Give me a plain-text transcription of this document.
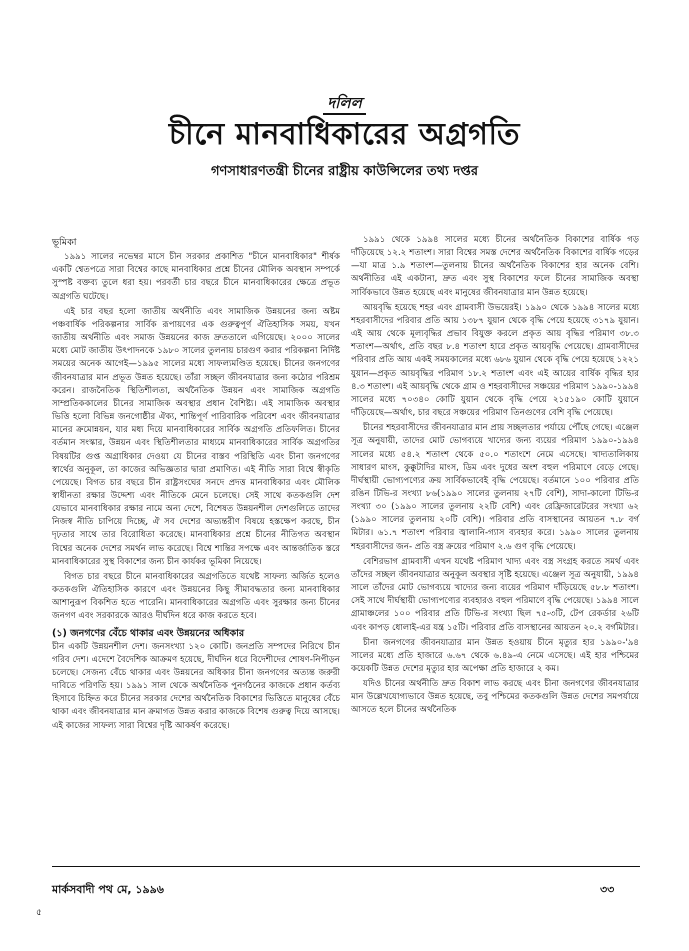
দলিল
চীনে মানবাধিকারের অগ্রগতি

গণসাধারণতন্ত্রী চীনের রাষ্ট্রীয় কাউন্সিলের তথ্য দপ্তর

ভূমিকা

১৯৯১ সালের নভেম্বর মাসে চীন সরকার প্রকাশিত "চীনে মানবাধিকার" শীর্ষক একটি শ্বেতপত্রে সারা বিশ্বের কাছে মানবাধিকার প্রশ্নে চীনের মৌলিক অবস্থান সম্পর্কে সুস্পষ্ট বক্তব্য তুলে ধরা হয়। পরবর্তী চার বছরে চীনে মানবাধিকারের ক্ষেত্রে প্রভূত অগ্রগতি ঘটেছে।

এই চার বছর হলো জাতীয় অর্থনীতি এবং সামাজিক উন্নয়নের জন্য অষ্টম পঞ্চবার্ষিক পরিকল্পনার সার্বিক রূপায়ণের এক গুরুত্বপূর্ণ ঐতিহাসিক সময়, যখন জাতীয় অর্থনীতি এবং সমাজ উন্নয়নের কাজ দ্রুততালে এগিয়েছে। ২০০০ সালের মধ্যে মোট জাতীয় উৎপাদনকে ১৯৮০ সালের তুলনায় চারগুণ করার পরিকল্পনা নির্দিষ্ট সময়ের অনেক আগেই—১৯৯৫ সালের মধ্যে সাফল্যমণ্ডিত হয়েছে। চীনের জনগণের জীবনযাত্রার মান প্রভূত উন্নত হয়েছে। তাঁরা সচ্ছল জীবনযাত্রার জন্য কঠোর পরিশ্রম করেন। রাজনৈতিক স্থিতিশীলতা, অর্থনৈতিক উন্নয়ন এবং সামাজিক অগ্রগতি সাম্প্রতিককালের চীনের সামাজিক অবস্থার প্রধান বৈশিষ্ট্য। এই সামাজিক অবস্থার ভিত্তি হলো বিভিন্ন জনগোষ্ঠীর ঐক্য, শান্তিপূর্ণ পারিবারিক পরিবেশ এবং জীবনযাত্রার মানের ক্রমোন্নয়ন, যার মধ্য দিয়ে মানবাধিকারের সার্বিক অগ্রগতি প্রতিফলিত। চীনের বর্তমান সংস্কার, উন্নয়ন এবং স্থিতিশীলতার মাধ্যমে মানবাধিকারের সার্বিক অগ্রগতির বিষয়টির গুপ্ত অগ্রাধিকার দেওয়া যে চীনের বাস্তব পরিস্থিতি এবং চীনা জনগণের স্বার্থের অনুকূল, তা কাজের অভিজ্ঞতার দ্বারা প্রমাণিত। এই নীতি সারা বিশ্বে স্বীকৃতি পেয়েছে। বিগত চার বছরে চীন রাষ্ট্রসংঘের সনদে প্রদত্ত মানবাধিকার এবং মৌলিক স্বাধীনতা রক্ষার উদ্দেশ্য এবং নীতিকে মেনে চলেছে। সেই সাথে কতকগুলি দেশ যেভাবে মানবাধিকার রক্ষার নামে অন্য দেশে, বিশেষত উন্নয়নশীল দেশগুলিতে তাদের নিজস্ব নীতি চাপিয়ে দিচ্ছে, ঐ সব দেশের অভ্যন্তরীণ বিষয়ে হস্তক্ষেপ করছে, চীন দৃঢ়তার সাথে তার বিরোধিতা করেছে। মানবাধিকার প্রশ্নে চীনের নীতিগত অবস্থান বিশ্বের অনেক দেশের সমর্থন লাভ করেছে। বিশ্বে শান্তির সপক্ষে এবং আন্তর্জাতিক স্তরে মানবাধিকারের সুস্থ বিকাশের জন্য চীন কার্যকর ভূমিকা নিয়েছে।

বিগত চার বছরে চীনে মানবাধিকারের অগ্রগতিতে যথেষ্ট সাফল্য অর্জিত হলেও কতকগুলি ঐতিহাসিক কারণে এবং উন্নয়নের কিছু সীমাবদ্ধতার জন্য মানবাধিকার আশানুরূপ বিকশিত হতে পারেনি। মানবাধিকারের অগ্রগতি এবং সুরক্ষার জন্য চীনের জনগণ এবং সরকারকে আরও দীর্ঘদিন ধরে কাজ করতে হবে।

(১) জনগণের বেঁচে থাকার এবং উন্নয়নের অধিকার

চীন একটি উন্নয়নশীল দেশ। জনসংখ্যা ১২০ কোটি। জনপ্রতি সম্পদের নিরিখে চীন গরিব দেশ। এদেশে বৈদেশিক আক্রমণ হয়েছে, দীর্ঘদিন ধরে বিদেশীদের শোষণ-নিপীড়ন চলেছে। সেজন্য বেঁচে থাকার এবং উন্নয়নের অধিকার চীনা জনগণের অত্যন্ত জরুরী দাবিতে পরিণতি হয়। ১৯৯১ সাল থেকে অর্থনৈতিক পুনর্গঠনের কাজকে প্রধান কর্তব্য হিসাবে চিহ্নিত করে চীনের সরকার দেশের অর্থনৈতিক বিকাশের ভিত্তিতে মানুষের বেঁচে থাকা এবং জীবনযাত্রার মান ক্রমাগত উন্নত করার কাজকে বিশেষ গুরুত্ব দিয়ে আসছে। এই কাজের সাফল্য সারা বিশ্বের দৃষ্টি আকর্ষণ করেছে।

১৯৯১ থেকে ১৯৯৪ সালের মধ্যে চীনের অর্থনৈতিক বিকাশের বার্ষিক গড় দাঁড়িয়েছে ১২.২ শতাংশ। সারা বিশ্বের সমস্ত দেশের অর্থনৈতিক বিকাশের বার্ষিক গড়ের—যা মাত্র ১.৯ শতাংশ—তুলনায় চীনের অর্থনৈতিক বিকাশের হার অনেক বেশি। অর্থনীতির এই একটানা, দ্রুত এবং সুস্থ বিকাশের ফলে চীনের সামাজিক অবস্থা সার্বিকভাবে উন্নত হয়েছে এবং মানুষের জীবনযাত্রার মান উন্নত হয়েছে।

আয়বৃদ্ধি হয়েছে শহর এবং গ্রামবাসী উভয়েরই। ১৯৯০ থেকে ১৯৯৪ সালের মধ্যে শহরবাসীদের পরিবার প্রতি আয় ১৩৮৭ যুয়ান থেকে বৃদ্ধি পেয়ে হয়েছে ৩১৭৯ যুয়ান। এই আয় থেকে মূল্যবৃদ্ধির প্রভাব বিযুক্ত করলে প্রকৃত আয় বৃদ্ধির পরিমাণ ৩৮.৩ শতাংশ—অর্থাৎ, প্রতি বছর ৮.৪ শতাংশ হারে প্রকৃত আয়বৃদ্ধি পেয়েছে। গ্রামবাসীদের পরিবার প্রতি আয় একই সময়কালের মধ্যে ৬৮৬ যুয়ান থেকে বৃদ্ধি পেয়ে হয়েছে ১২২১ যুয়ান—প্রকৃত আয়বৃদ্ধির পরিমাণ ১৮.২ শতাংশ এবং এই আয়ের বার্ষিক বৃদ্ধির হার ৪.৩ শতাংশ। এই আয়বৃদ্ধি থেকে গ্রাম ও শহরবাসীদের সঞ্চয়ের পরিমাণ ১৯৯০-১৯৯৪ সালের মধ্যে ৭০৩৪০ কোটি যুয়ান থেকে বৃদ্ধি পেয়ে ২১৫১৯০ কোটি যুয়ানে দাঁড়িয়েছে—অর্থাৎ, চার বছরে সঞ্চয়ের পরিমাণ তিনগুণের বেশি বৃদ্ধি পেয়েছে।

চীনের শহরবাসীদের জীবনযাত্রার মান প্রায় সচ্ছলতার পর্যায়ে পৌঁছে গেছে। এঞ্জেল সূত্র অনুযায়ী, তাদের মোট ভোগব্যয়ে খাদ্যের জন্য ব্যয়ের পরিমাণ ১৯৯০-১৯৯৪ সালের মধ্যে ৫৪.২ শতাংশ থেকে ৫০.০ শতাংশে নেমে এসেছে। খাদ্যতালিকায় সাধারণ মাংস, কুক্কুটাদির মাংস, ডিম এবং দুধের অংশ বহুল পরিমাণে বেড়ে গেছে। দীর্ঘস্থায়ী ভোগ্যপণ্যের ক্রয় সার্বিকভাবেই বৃদ্ধি পেয়েছে। বর্তমানে ১০০ পরিবার প্রতি রঙিন টিভি-র সংখ্যা ৮৬(১৯৯০ সালের তুলনায় ২৭টি বেশি), সাদা-কালো টিভি-র সংখ্যা ৩০ (১৯৯০ সালের তুলনায় ২২টি বেশি) এবং রেফ্রিজারেটরের সংখ্যা ৬২ (১৯৯০ সালের তুলনায় ২০টি বেশি)। পরিবার প্রতি বাসস্থানের আয়তন ৭.৮ বর্গ মিটার। ৬১.৭ শতাংশ পরিবার জ্বালানি-গ্যাস ব্যবহার করে। ১৯৯০ সালের তুলনায় শহরবাসীদের জন- প্রতি বস্ত্র ক্রয়ের পরিমাণ ২.৬ গুণ বৃদ্ধি পেয়েছে।

বেশিরভাগ গ্রামবাসী এখন যথেষ্ট পরিমাণ খাদ্য এবং বস্ত্র সংগ্রহ করতে সমর্থ এবং তাঁদের সচ্ছল জীবনযাত্রার অনুকূল অবস্থার সৃষ্টি হয়েছে। এঞ্জেল সূত্র অনুযায়ী, ১৯৯৪ সালে তাঁদের মোট ভোগব্যয়ে খাদ্যের জন্য ব্যয়ের পরিমাণ দাঁড়িয়েছে ৫৮.৮ শতাংশ। সেই সাথে দীর্ঘস্থায়ী ভোগ্যপণ্যের ব্যবহারও বহুল পরিমাণে বৃদ্ধি পেয়েছে। ১৯৯৪ সালে গ্রামাঞ্চলের ১০০ পরিবার প্রতি টিভি-র সংখ্যা ছিল ৭৫-৩টি, টেপ রেকর্ডার ২৬টি এবং কাপড় ধোলাই-এর যন্ত্র ১৫টি। পরিবার প্রতি বাসস্থানের আয়তন ২০.২ বর্গমিটার।

চীনা জনগণের জীবনযাত্রার মান উন্নত হওয়ায় চীনে মৃত্যুর হার ১৯৯০-'৯৪ সালের মধ্যে প্রতি হাজারে ৬.৬৭ থেকে ৬.৪৯-এ নেমে এসেছে। এই হার পশ্চিমের কয়েকটি উন্নত দেশের মৃত্যুর হার অপেক্ষা প্রতি হাজারে ২ কম।

যদিও চীনের অর্থনীতি দ্রুত বিকাশ লাভ করছে এবং চীনা জনগণের জীবনযাত্রার মান উল্লেখযোগ্যভাবে উন্নত হয়েছে, তবু পশ্চিমের কতকগুলি উন্নত দেশের সমপর্যায়ে আসতে হলে চীনের অর্থনৈতিক

মার্কসবাদী পথ মে, ১৯৯৬	৩৩
৫
